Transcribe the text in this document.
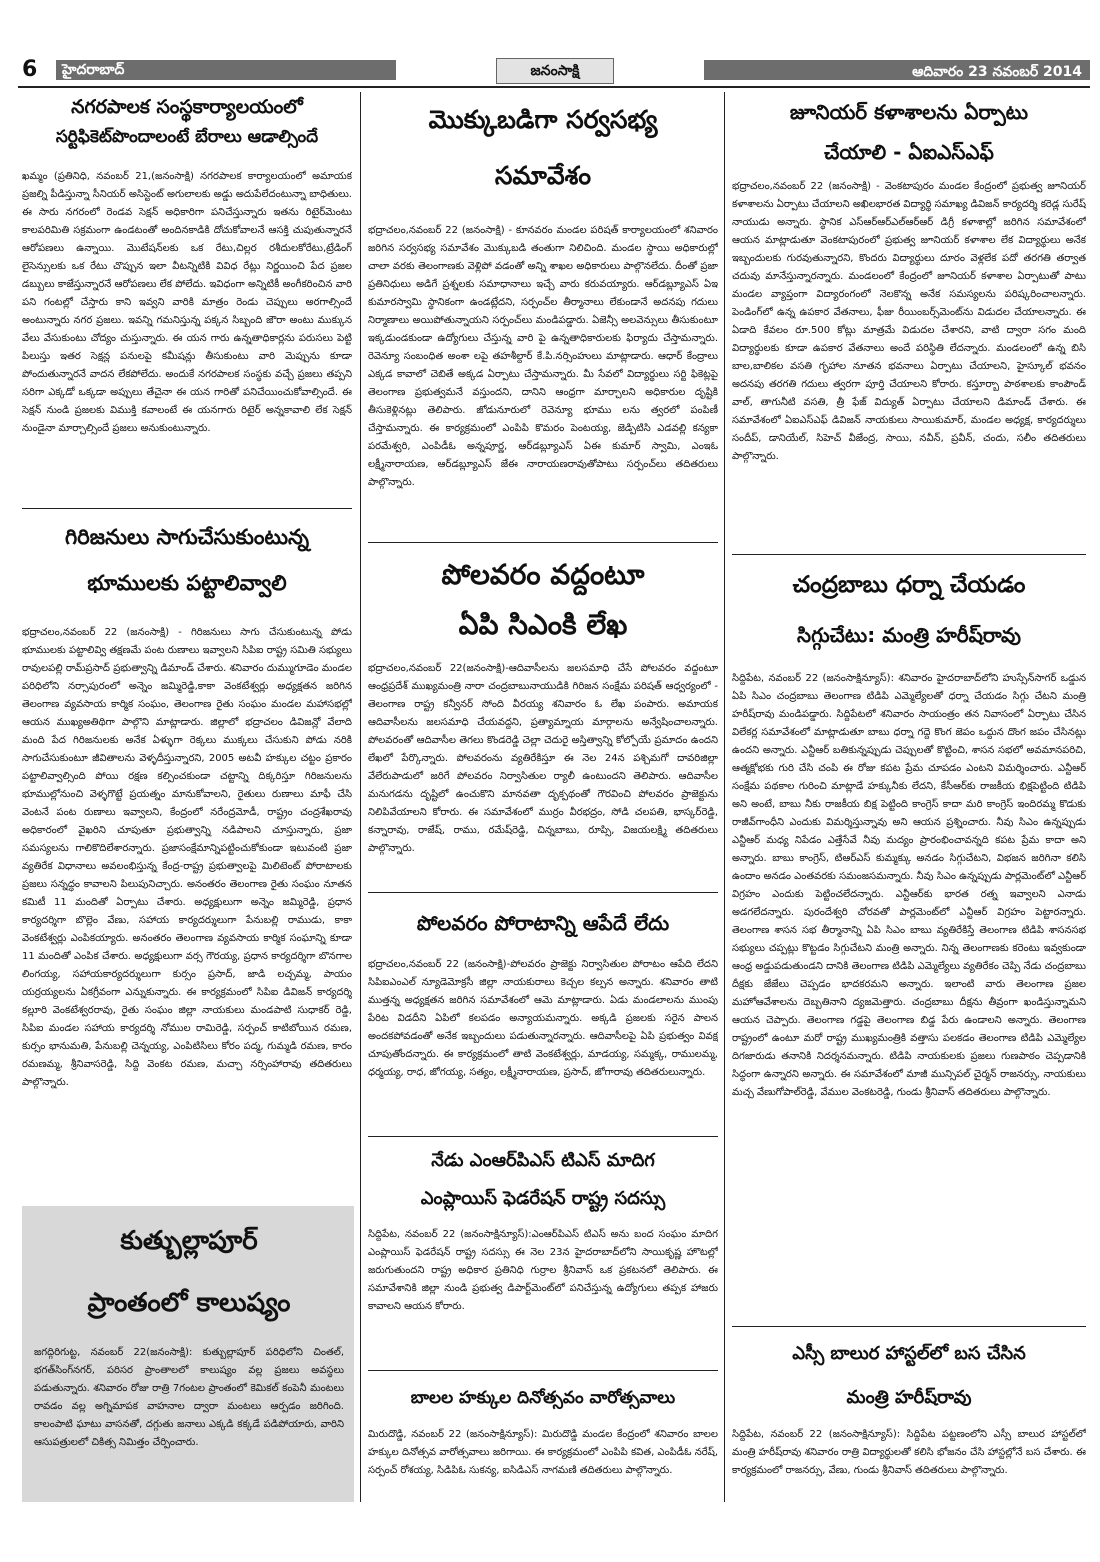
6 హైదరాబాద్	జనంసాక్షి	ఆదివారం 23 నవంబర్ 2014
నగరపాలక సంస్థకార్యాలయంలో
సర్టిఫికెట్‌పొందాలంటే బేరాలు ఆడాల్సిందే

ఖమ్మం (ప్రతినిధి, నవంబర్ 21,(జనంసాక్షి) నగరపాలక కార్యాలయంలో అమాయక ప్రజల్ని పీడిస్తున్నా సీనియర్ అసిస్టెంట్ అగులాలకు అడ్డు అదుపేలేదంటున్నా బాధితులు. ఈ సారు నగరంలో రెండవ సెక్షన్ అధికారిగా పనిచేస్తున్నారు ఇతను రిటైర్‌మెంటు కాలపరిమితి సక్రమంగా ఉండటంతో అందినకాడికి దోచుకోవాలనే ఆసక్తి చుపుతున్నారనే ఆరోపణలు ఉన్నాయి. మొటేషన్‌లకు ఒక రేటు,చిల్లర రశీదులకోరేటు,ట్రేడింగ్ లైసెన్సులకు ఒక రేటు చొప్పున ఇలా వీటన్నిటికి వివిధ రేట్లు నిర్ణయించి పేద ప్రజల డబ్బులు కాజేస్తున్నారనే ఆరోపణలు లేక పోలేదు. ఇవిధంగా అన్నిటికీ అంగీకరించిన వారి పని గంటల్లో చేస్తారు కాని ఇవ్వని వారికి మాత్రం రెండు చెప్పులు అరగాల్సిందే అంటున్నారు నగర ప్రజలు. ఇవన్ని గమనిస్తున్న పక్కన సిబ్బంది జౌరా అంటు ముక్కున వేలు వేసుకుంటు చోద్యం చుస్తున్నారు. ఈ యన గారు ఉన్నతాధికార్లను పరుసలు పెట్టి పిలుస్తు ఇతర సెక్షన్ల పనులపై కమీషన్లు తీసుకుంటు వారి మెప్పును కూడా పోందుతున్నారనే వాదన లేకపోలేదు. అందుకే నగరపాలక సంస్థకు వచ్చే ప్రజలు తప్పని సరిగా ఎక్కడో ఒక్కడా అప్పులు తేచైనా ఈ యన గారితో పనిచేయించుకోవాల్సిందే. ఈ సెక్షన్ నుండి ప్రజలకు విముక్తి కవాలంటే ఈ యనగారు రిటైర్ అన్నకావాలి లేక సెక్షన్ నుండైనా మార్చాల్సిందే ప్రజలు అనుకుంటున్నారు.

గిరిజనులు సాగుచేసుకుంటున్న
భూములకు పట్టాలివ్వాలి

భద్రాచలం,నవంబర్ 22 (జనంసాక్షి) - గిరిజనులు సాగు చేసుకుంటున్న పోడు భూములకు పట్టాలివ్వి తక్షణమే పంట రుణాలు ఇవ్వాలని సిపిఐ రాష్ట్ర సమితి సభ్యులు రావులపల్లి రామ్‌ప్రసాద్ ప్రభుత్వాన్ని డిమాండ్ చేశారు. శనివారం దుమ్ముగూడెం మండల పరిధిలోని నర్సాపురంలో అన్నెం జమ్మిరెడ్డి,కాకా వెంకటేశ్వర్లు అధ్యక్షతన జరిగిన తెలంగాణ వ్యవసాయ కార్మిక సంఘం, తెలంగాణ రైతు సంఘం మండల మహాసభల్లో ఆయన ముఖ్యఅతిథిగా పాల్గొని మాట్లాడారు. జిల్లాలో భద్రాచలం డివిజన్లో వేలాది మంది పేద గిరిజనులకు అనేక ఏళ్ళుగా రెక్కలు ముక్కలు చేసుకుని పోడు నరికి సాగుచేసుకుంటూ జీవితాలను వెళ్ళదీస్తున్నారని, 2005 అటవీ హక్కుల చట్టం ప్రకారం పట్టాలివ్వాల్సింది పోయి రక్షణ కల్పించకుండా చట్టాన్ని దిక్కరిస్తూ గిరిజనులను భూముల్లోనుంచి వెళ్ళగొట్టే ప్రయత్నం మానుకోవాలని, రైతులు రుణాలు మాఫీ చేసి వెంటనే పంట రుణాలు ఇవ్వాలని, కేంద్రంలో నరేంద్రమోడీ, రాష్ట్రం చంద్రశేఖరావు అధికారంలో వైఖరిని చూపుతూ ప్రభుత్వాన్ని నడిపాలని చూస్తున్నారు, ప్రజా సమస్యలను గాలికొదిలేశారన్నారు. ప్రజాసంక్షేమాన్నిపట్టించుకోకుండా ఇటువంటి ప్రజా వ్యతిరేక విధానాలు అవలంభిస్తున్న కేంద్ర-రాష్ట్ర ప్రభుత్వాలపై మిలిటెంట్ పోరాటాలకు ప్రజలు సన్నద్ధం కావాలని పిలుపునిచ్చారు. అనంతరం తెలంగాణ రైతు సంఘం నూతన కమిటీ 11 మందితో ఏర్పాటు చేశారు. అధ్యక్షులుగా అన్నెం జమ్మిరెడ్డి, ప్రధాన కార్యదర్శిగా బొల్లెం వేణు, సహాయ కార్యదర్శులుగా పేనుబల్లి రాముడు, కాకా వెంకటేశ్వర్లు ఎంపికయ్యారు. అనంతరం తెలంగాణ వ్యవసాయ కార్మిక సంఘాన్ని కూడా 11 మందితో ఎంపిక చేశారు. అధ్యక్షులుగా వర్స గౌరయ్య, ప్రధాన కార్యదర్శిగా బొనగాల లింగయ్య, సహాయకార్యదర్శులుగా కుర్సం ప్రసాద్, జాడి లచ్చమ్మ, పాయం యర్రయ్యలను ఏకగ్రీవంగా ఎన్నుకున్నారు. ఈ కార్యక్రమంలో సిపిఐ డివిజన్ కార్యదర్శి కల్లూరి వెంకటేశ్వరరావు, రైతు సంఘం జిల్లా నాయకులు మండపాటి సుధాకర్ రెడ్డి, సిపిఐ మండల సహాయ కార్యదర్శి నోముల రామిరెడ్డి, సర్పంచ్ కాటిబోయిన రమణ, కుర్సం భానుమతి, పేనుబల్లి చెన్నయ్య, ఎంపిటిసిలు కోరం పద్మ, గుమ్మడి రమణ, కారం రమణమ్మ, శ్రీనివాసరెడ్డి, సిద్ది వెంకట రమణ, మచ్చా నర్సింహారావు తదితరులు పాల్గొన్నారు.

కుత్బుల్లాపూర్
ప్రాంతంలో కాలుష్యం

జగద్గిరిగుట్ట, నవంబర్ 22(జనంసాక్షి): కుత్బుల్లాపూర్ పరిధిలోని చింతల్, భగత్‌సింగ్‌నగర్, పరిసర ప్రాంతాలలో కాలుష్యం వల్ల ప్రజలు అవస్థలు పడుతున్నారు. శనివారం రోజు రాత్రి 7గంటల ప్రాంతంలో కెమికల్ కంపెనీ మంటలు రావడం వల్ల అగ్నిమాపక వాహనాల ద్వారా మంటలు ఆర్పడం జరిగింది. కాలంపాటి ఘాటు వాసనతో, దగ్గుతు జనాలు ఎక్కడి కక్కడే పడిపోయారు, వారిని ఆసుపత్రులలో చికిత్స నిమిత్తం చేర్పించారు.

మొక్కుబడిగా సర్వసభ్య
సమావేశం

భద్రాచలం,నవంబర్ 22 (జనంసాక్షి) - కూనవరం మండల పరిషత్ కార్యాలయంలో శనివారం జరిగిన సర్వసభ్య సమావేశం మొక్కుబడి తంతుగా నిలిచింది. మండల స్థాయి అధికారుల్లో చాలా వరకు తెలంగాణకు వెళ్లిపో వడంతో అన్ని శాఖల అధికారులు పాల్గొనలేదు. దీంతో ప్రజా ప్రతినిధులు అడిగే ప్రశ్నలకు సమాధానాలు ఇచ్చే వారు కరువయ్యారు. ఆర్‌డబ్ల్యూఎస్ ఏఇ కుమారస్వామి స్థానికంగా ఉండట్లేదని, సర్పంచ్‌ల తీర్మానాలు లేకుండానే అదనపు గదులు నిర్మాణాలు అయిపోతున్నాయని సర్పంచ్‌లు మండిపడ్డారు. ఏజెన్సీ అలవెన్సులు తీసుకుంటూ ఇక్కడుండకుండా ఉద్యోగులు చేస్తున్న వారి పై ఉన్నతాధికారులకు ఫిర్యాదు చేస్తామన్నారు. రెవెన్యూ సంబంధిత అంశా లపై తహశీల్దార్ కే.పి.నర్సింహులు మాట్లాడారు. ఆధార్ కేంద్రాలు ఎక్కడ కావాలో చెబితే అక్కడ ఏర్పాటు చేస్తామన్నారు. మీ సేవలో విద్యార్థులు సర్టి ఫికెట్లపై తెలంగాణ ప్రభుత్వమనే వస్తుందని, దానిని ఆంధ్రగా మార్చాలని అధికారుల దృష్టికి తీసుకెళ్లినట్లు తెలిపారు. జోడునూరులో రెవెన్యూ భూము లను త్వరలో పంపిణీ చేస్తామన్నారు. ఈ కార్యక్రమంలో ఎంపిపి కొమరం పెంటయ్య, జెడ్పిటిసి ఎడవల్లి కన్యకా పరమేశ్వరి, ఎంపిడీఓ అన్నపూర్ణ, ఆర్‌డబ్ల్యూఎస్ ఏఈ కుమార్ స్వామి, ఎంఇఓ లక్ష్మీనారాయణ, ఆర్‌డబ్ల్యూఎస్ జేఈ నారాయణరావుతోపాటు సర్పంచ్‌లు తదితరులు పాల్గొన్నారు.

పోలవరం వద్దంటూ
ఏపి సిఎంకి లేఖ

భద్రాచలం,నవంబర్ 22(జనంసాక్షి)-ఆదివాసీలను జలసమాధి చేసే పోలవరం వద్దంటూ ఆంధ్రప్రదేశ్ ముఖ్యమంత్రి నారా చంద్రబాబునాయుడికి గిరిజన సంక్షేమ పరిషత్ ఆధ్వర్యంలో - తెలంగాణ రాష్ట్ర కన్వీనర్ సోంది వీరయ్య శనివారం ఓ లేఖ పంపారు. అమాయక ఆదివాసీలను జలసమాధి చేయవద్దని, ప్రత్యామ్నాయ మార్గాలను అన్వేషించాలన్నారు. పోలవరంతో ఆదివాసీల తెగలు కొండరెడ్డి చెల్లా చెదురై అస్తిత్వాన్ని కోల్పోయే ప్రమాదం ఉందని లేఖలో పేర్కొన్నారు. పోలవరంను వ్యతిరేకిస్తూ ఈ నెల 24న పశ్చిమగో దావరిజిల్లా వేలేరుపాడులో జరిగే పోలవరం నిర్వాసితుల ర్యాలీ ఉంటుందని తెలిపారు. ఆదివాసీల మనుగడను దృష్టిలో ఉంచుకొని మానవతా దృక్పథంతో గౌరవించి పోలవరం ప్రాజెక్టును నిలిపివేయాలని కోరారు. ఈ సమావేశంలో ముర్రం వీరభద్రం, సోడి చలపతి, భాస్కర్‌రెడ్డి, కన్నారావు, రాజేష్, రాము, రమేష్‌రెడ్డి, చిన్నబాబు, రూప్సి, విజయలక్ష్మి తదితరులు పాల్గొన్నారు.

పోలవరం పోరాటాన్ని ఆపేదే లేదు

భద్రాచలం,నవంబర్ 22 (జనంసాక్షి)-పోలవరం ప్రాజెక్టు నిర్వాసితుల పోరాటం ఆపేది లేదని సిపిఐఎంఎల్ న్యూడెమోక్రసీ జిల్లా నాయకురాలు కెచ్చల కల్పన అన్నారు. శనివారం తాటి ముత్తన్న అధ్యక్షతన జరిగిన సమావేశంలో ఆమె మాట్లాడారు. ఏడు మండలాలను ముంపు పేరిట విడదీని ఏపిలో కలపడం అన్యాయమన్నారు. అక్కడి ప్రజలకు సరైన పాలన అందకపోవడంతో అనేక ఇబ్బందులు పడుతున్నారన్నారు. ఆదివాసీలపై ఏపి ప్రభుత్వం వివక్ష చూపుతోందన్నారు. ఈ కార్యక్రమంలో తాటి వెంకటేశ్వర్లు, మాడయ్య, సమ్మక్క, రాములమ్మ, ధర్మయ్య, రాధ, జోగయ్య, సత్యం, లక్ష్మీనారాయణ, ప్రసాద్, జోగారావు తదితరులున్నారు.

నేడు ఎంఆర్‌పిఎస్ టిఎస్ మాదిగ
ఎంప్లాయిస్ ఫెడరేషన్ రాష్ట్ర సదస్సు

సిద్దిపేట, నవంబర్ 22 (జనంసాక్షిన్యూస్):ఎంఆర్‌పిఎస్ టిఎస్ అను బంద సంఘం మాదిగ ఎంప్లాయిస్ ఫెడరేషన్ రాష్ట్ర సదస్సు ఈ నెల 23న హైదరాబాద్‌లోని సాయికృష్ణ హొటల్లో జరుగుతుందని రాష్ట్ర అధికార ప్రతినిధి గుర్రాల శ్రీనివాస్ ఒక ప్రకటనలో తెలిపారు. ఈ సమావేశానికి జిల్లా నుండి ప్రభుత్వ డిపార్ట్‌మెంట్‌లో పనిచేస్తున్న ఉద్యోగులు తప్పక హాజరు కావాలని ఆయన కోరారు.

బాలల హక్కుల దినోత్సవం వారోత్సవాలు

మిరుదొడ్డి, నవంబర్ 22 (జనంసాక్షిన్యూస్): మిరుదొడ్డి మండల కేంద్రంలో శనివారం బాలల హక్కుల దినోత్సవ వారోత్సవాలు జరిగాయి. ఈ కార్యక్రమంలో ఎంపిపి కవిత, ఎంపిడీఓ నరేష్, సర్పంచ్ రోశయ్య, సిడిపిఓ సుకన్య, ఐసిడిఎస్ నాగమణి తదితరులు పాల్గొన్నారు.

జూనియర్ కళాశాలను ఏర్పాటు
చేయాలి - ఏఐఎస్ఎఫ్

భద్రాచలం,నవంబర్ 22 (జనంసాక్షి) - వెంకటాపురం మండల కేంద్రంలో ప్రభుత్వ జూనియర్ కళాశాలను ఏర్పాటు చేయాలని అఖిలభారత విద్యార్థి సమాఖ్య డివిజన్ కార్యదర్శి కరెడ్ల సురేష్ నాయుడు అన్నారు. స్థానిక ఎస్‌ఆర్‌ఆర్‌ఎల్‌ఆర్‌ఆర్ డిగ్రీ కళాశాల్లో జరిగిన సమావేశంలో ఆయన మాట్లాడుతూ వెంకటాపురంలో ప్రభుత్వ జూనియర్ కళాశాల లేక విద్యార్థులు అనేక ఇబ్బందులకు గురవుతున్నారని, కొందరు విద్యార్థులు దూరం వెళ్లలేక పదో తరగతి తర్వాత చదువు మానేస్తున్నారన్నారు. మండలంలో కేంద్రంలో జూనియర్ కళాశాల ఏర్పాటుతో పాటు మండల వ్యాప్తంగా విద్యారంగంలో నెలకొన్న అనేక సమస్యలను పరిష్కరించాలన్నారు. పెండింగ్‌లో ఉన్న ఉపకార వేతనాలు, ఫీజు రీయింబర్స్‌మెంట్‌ను విడుదల చేయాలన్నారు. ఈ ఏడాది కేవలం రూ.500 కోట్లు మాత్రమే విడుదల చేశారని, వాటి ద్వారా సగం మంది విద్యార్థులకు కూడా ఉపకార వేతనాలు అందే పరిస్థితి లేదన్నారు. మండలంలో ఉన్న బిసి బాల,బాలికల వసతి గృహాల నూతన భవనాలు ఏర్పాటు చేయాలని, హైస్కూల్ భవనం అదనపు తరగతి గదులు త్వరగా పూర్తి చేయాలని కోరారు. కస్తూర్బా పాఠశాలకు కాంపౌండ్ వాల్, తాగునీటి వసతి, త్రీ ఫేజ్ విద్యుత్ ఏర్పాటు చేయాలని డిమాండ్ చేశారు. ఈ సమావేశంలో ఏఐఎస్ఎఫ్ డివిజన్ నాయకులు సాయికుమార్, మండల అధ్యక్ష, కార్యదర్శులు సందీప్, డానియేల్, సిహెచ్ వీజేంద్ర, సాయి, నవీన్, ప్రవీన్, చందు, సలీం తదితరులు పాల్గొన్నారు.

చంద్రబాబు ధర్నా చేయడం
సిగ్గుచేటు: మంత్రి హరీష్‌రావు

సిద్దిపేట, నవంబర్ 22 (జనంసాక్షిన్యూస్): శనివారం హైదరాబాద్‌లోని హుస్సేన్‌సాగర్ ఒడ్డున ఏపి సిఎం చంద్రబాబు తెలంగాణ టిడిపి ఎమ్మెల్యేలతో ధర్నా చేయడం సిగ్గు చేటని మంత్రి హరీష్‌రావు మండిపడ్డారు. సిద్దిపేటలో శనివారం సాయంత్రం తన నివాసంలో ఏర్పాటు చేసిన విలేకర్ల సమావేశంలో మాట్లాడుతూ బాబు ధర్నా గద్దె కొంగ జెపం ఒద్దున దొంగ జపం చేసినట్లు ఉందని అన్నారు. ఎన్టీఆర్ బతికున్నప్పుడు చెప్పులతో కొట్టించి, శాసన సభలో అవమానపరిచి, ఆత్మక్షోభకు గురి చేసి చంపి ఈ రోజు కపట ప్రేమ చూపడం ఎంటని విమర్శించారు. ఎన్టీఆర్ సంక్షేమ పథకాల గురించి మాట్లాడే హక్కునీకు లేదని, కేసీఆర్‌కు రాజకీయ భిక్షపెట్టింది టిడిపి అని అంటే, బాబు నీకు రాజకీయ బిక్ష పెట్టింది కాంగ్రెస్ కాదా మరి కాంగ్రెస్ ఇందిరమ్మ కొడుకు రాజీవ్‌గాంధీని ఎందుకు విమర్శిస్తున్నావు అని ఆయన ప్రశ్నించారు. నీవు సిఎం ఉన్నప్పుడు ఎన్టీఆర్ మధ్య నిపేడం ఎత్తేసేవే నీవు మద్యం ప్రారంభించావన్నది కపట ప్రేమ కాదా అని అన్నారు. బాబు కాంగ్రెస్, టిఆర్‌ఎస్ కుమ్మక్కు అనడం సిగ్గుచేటని, విభజన జరిగినా కలిసి ఉందాం అనడం ఎంతవరకు సమంజసమన్నారు. నీవు సిఎం ఉన్నప్పుడు పార్లమెంట్‌లో ఎన్టీఆర్ విగ్రహం ఎందుకు పెట్టించలేదన్నారు. ఎన్టీఆర్‌కు భారత రత్న ఇవ్వాలని ఎనాడు అడగలేదన్నారు. పురందేశ్వరి చోరవతో పార్లమెంట్‌లో ఎన్టీఆర్ విగ్రహం పెట్టారన్నారు. తెలంగాణ శాసన సభ తీర్మానాన్ని ఏపి సిఎం బాబు వ్యతిరేకిస్తే తెలంగాణ టిడిపి శాసనసభ సభ్యులు చప్పట్లు కొట్టడం సిగ్గుచేటని మంత్రి అన్నారు. నిన్న తెలంగాణకు కరెంటు ఇవ్వకుండా ఆంధ్ర అడ్డుపడుతుండని దానికి తెలంగాణ టిడిపి ఎమ్మెల్యేలు వ్యతిరేకం చెప్పి నేడు చంద్రబాబు దీక్షకు జేజేలు చెప్పడం భాదకరమని అన్నారు. ఇలాంటి వారు తెలంగాణ ప్రజల మహోఆవేశాలను దెబ్బతినాని ద్యజమెత్తారు. చంద్రబాబు దీక్షను తీవ్రంగా ఖండిస్తున్నామని ఆయన చెప్పారు. తెలంగాణ గడ్డపై తెలంగాణ బిడ్డ పేరు ఉండాలని అన్నారు. తెలంగాణ రాష్ట్రంలో ఉంటూ మరో రాష్ట్ర ముఖ్యమంత్రికి వత్తాసు పలకడం తెలంగాణ టిడిపి ఎమ్మెల్యేల దిగజారుడు తనానికి నిదర్శనమన్నారు. టిడిపి నాయకులకు ప్రజలు గుణపాఠం చెప్పడానికి సిద్ధంగా ఉన్నారని అన్నారు. ఈ సమావేశంలో మాజీ మున్సిపల్ చైర్మన్ రాజనర్సు, నాయకులు మచ్చ వేణుగోపాల్‌రెడ్డి, వేముల వెంకటరెడ్డి, గుండు శ్రీనివాస్ తదితరులు పాల్గొన్నారు.

ఎస్సీ బాలుర హాస్టల్‌లో బస చేసిన
మంత్రి హరీష్‌రావు

సిద్దిపేట, నవంబర్ 22 (జనంసాక్షిన్యూస్): సిద్దిపేట పట్టణంలోని ఎస్సీ బాలుర హాస్టల్‌లో మంత్రి హరీష్‌రావు శనివారం రాత్రి విద్యార్థులతో కలిసి భోజనం చేసి హాస్టల్లోనే బస చేశారు. ఈ కార్యక్రమంలో రాజనర్సు, వేణు, గుండు శ్రీనివాస్ తదితరులు పాల్గొన్నారు.
